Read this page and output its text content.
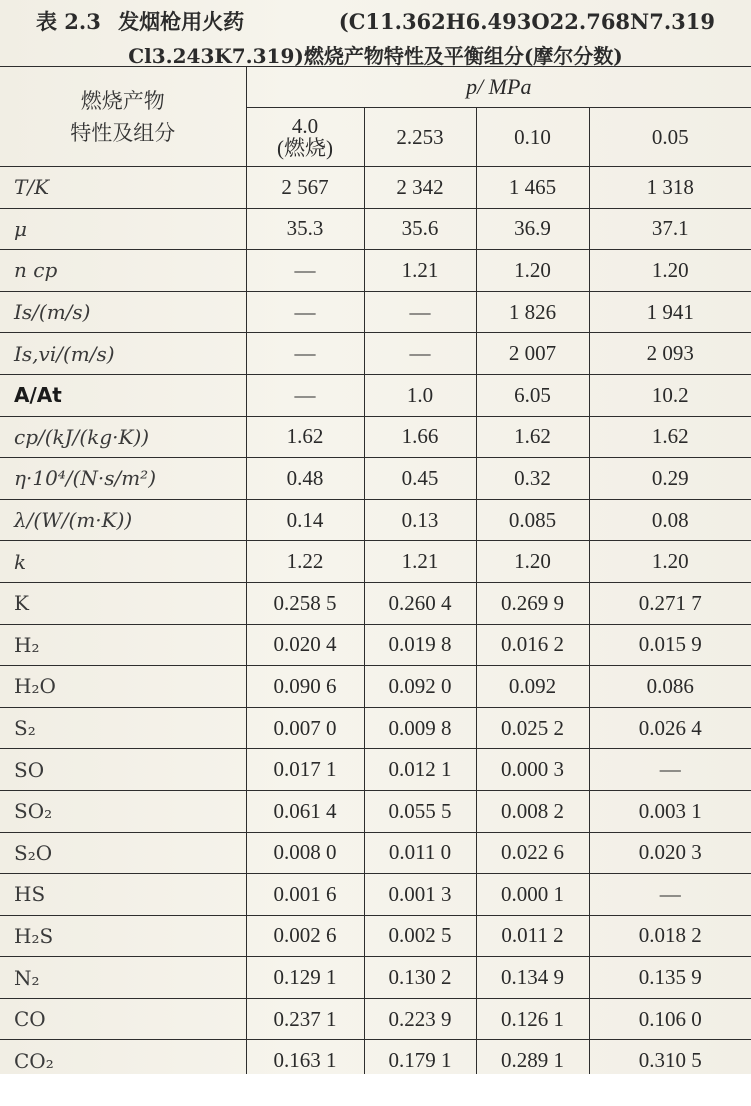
表 2.3 发烟枪用火药	(C11.362H6.493O22.768N7.319
Cl3.243K7.319)燃烧产物特性及平衡组分(摩尔分数)
燃烧产物
特性及组分	p/ MPa			
	4.0
(燃烧)	2.253	0.10	0.05
T/K	2 567	2 342	1 465	1 318
μ	35.3	35.6	36.9	37.1
n cp	—	1.21	1.20	1.20
Is/(m/s)	—	—	1 826	1 941
Is,vi/(m/s)	—	—	2 007	2 093
A/At	—	1.0	6.05	10.2
cp/(kJ/(kg·K))	1.62	1.66	1.62	1.62
η·10⁴/(N·s/m²)	0.48	0.45	0.32	0.29
λ/(W/(m·K))	0.14	0.13	0.085	0.08
k	1.22	1.21	1.20	1.20
K	0.258 5	0.260 4	0.269 9	0.271 7
H₂	0.020 4	0.019 8	0.016 2	0.015 9
H₂O	0.090 6	0.092 0	0.092	0.086
S₂	0.007 0	0.009 8	0.025 2	0.026 4
SO	0.017 1	0.012 1	0.000 3	—
SO₂	0.061 4	0.055 5	0.008 2	0.003 1
S₂O	0.008 0	0.011 0	0.022 6	0.020 3
HS	0.001 6	0.001 3	0.000 1	—
H₂S	0.002 6	0.002 5	0.011 2	0.018 2
N₂	0.129 1	0.130 2	0.134 9	0.135 9
CO	0.237 1	0.223 9	0.126 1	0.106 0
CO₂	0.163 1	0.179 1	0.289 1	0.310 5
